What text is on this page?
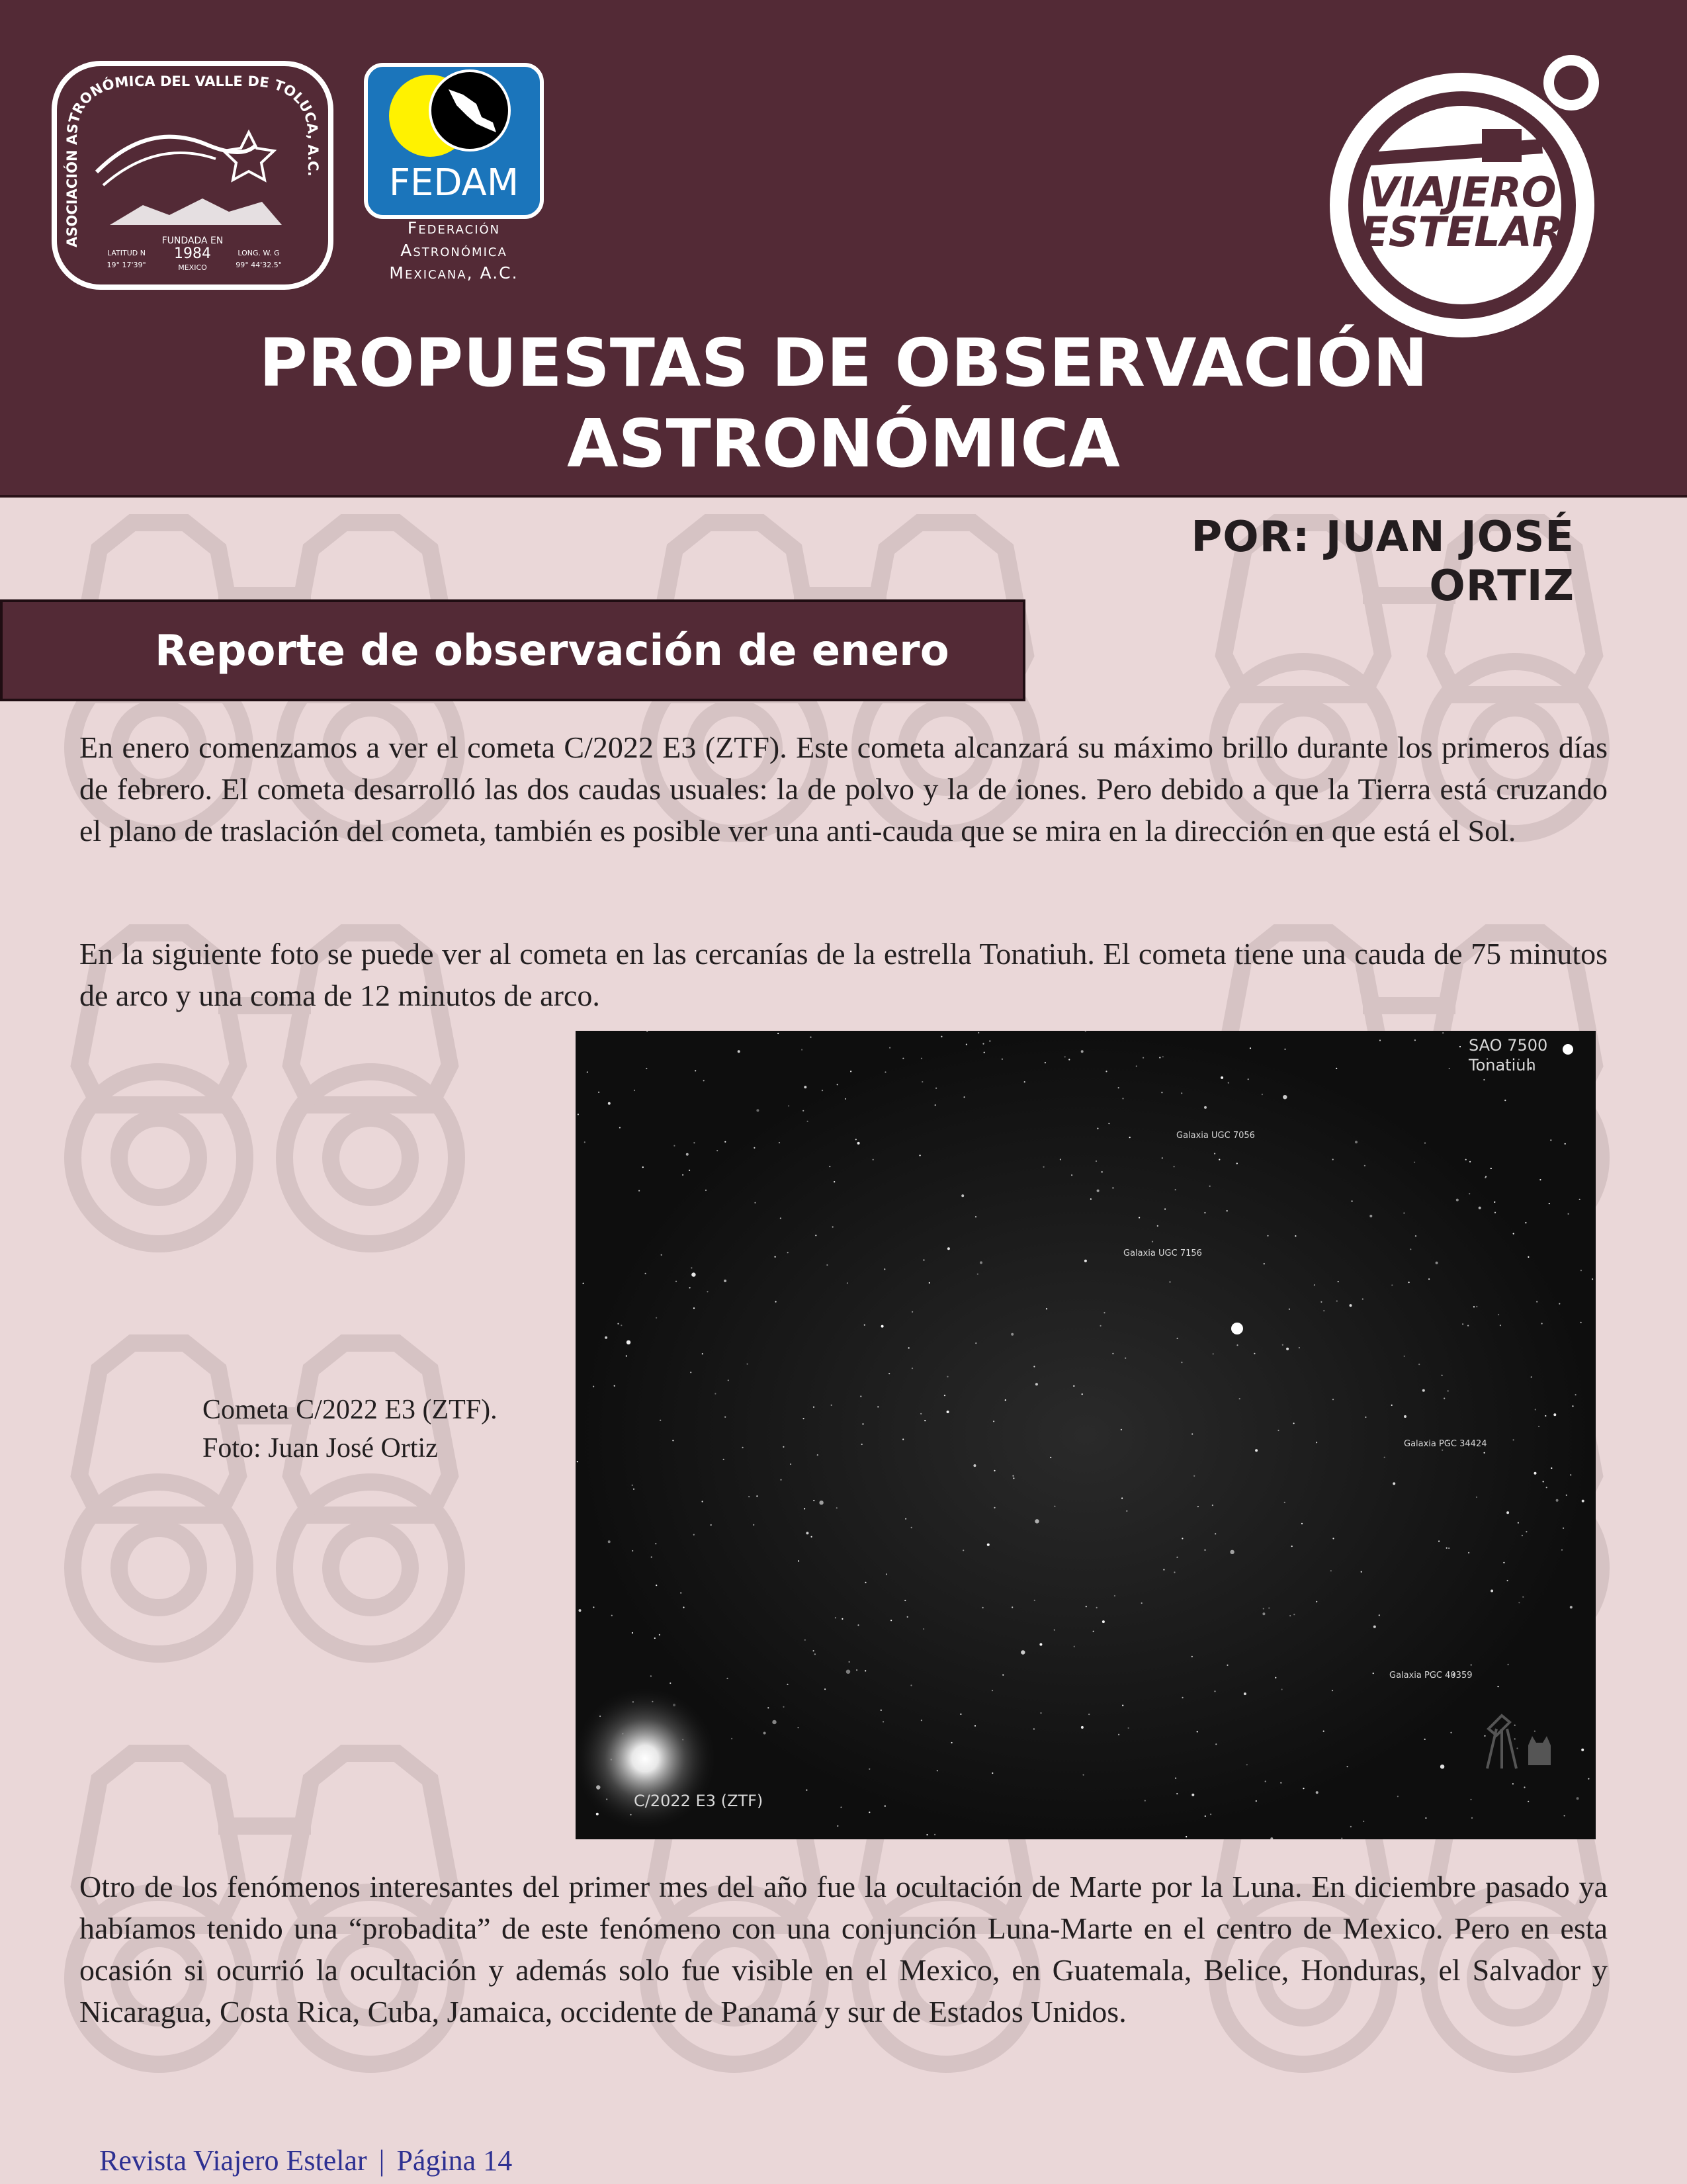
ASOCIACIÓN ASTRONÓMICA DEL VALLE DE TOLUCA, A.C.
FUNDADA EN
1984
LATITUD N
19° 17'39"	MEXICO
LONG. W. G
99° 44'32.5"
FEDAM
Federación
Astronómica
Mexicana, A.C.
VIAJERO
ESTELAR
PROPUESTAS DE OBSERVACIÓN
ASTRONÓMICA
POR: JUAN JOSÉ ORTIZ
Reporte de observación de enero

En enero comenzamos a ver el cometa C/2022 E3 (ZTF). Este cometa alcanzará su máximo brillo durante los primeros días de febrero. El cometa desarrolló las dos caudas usuales: la de polvo y la de iones. Pero debido a que la Tierra está cruzando el plano de traslación del cometa, también es posible ver una anti-cauda que se mira en la dirección en que está el Sol.

En la siguiente foto se puede ver al cometa en las cercanías de la estrella Tonatiuh. El cometa tiene una cauda de 75 minutos de arco y una coma de 12 minutos de arco.

SAO 7500
Tonatiuh
Galaxia UGC 7056
Galaxia UGC 7156
Galaxia PGC 34424
Galaxia PGC 40359
C/2022 E3 (ZTF)

Cometa C/2022 E3 (ZTF).
Foto: Juan José Ortiz

Otro de los fenómenos interesantes del primer mes del año fue la ocultación de Marte por la Luna. En diciembre pasado ya habíamos tenido una “probadita” de este fenómeno con una conjunción Luna-Marte en el centro de Mexico. Pero en esta ocasión si ocurrió la ocultación y además solo fue visible en el Mexico, en Guatemala, Belice, Honduras, el Salvador y Nicaragua, Costa Rica, Cuba, Jamaica, occidente de Panamá y sur de Estados Unidos.

Revista Viajero Estelar | Página 14
